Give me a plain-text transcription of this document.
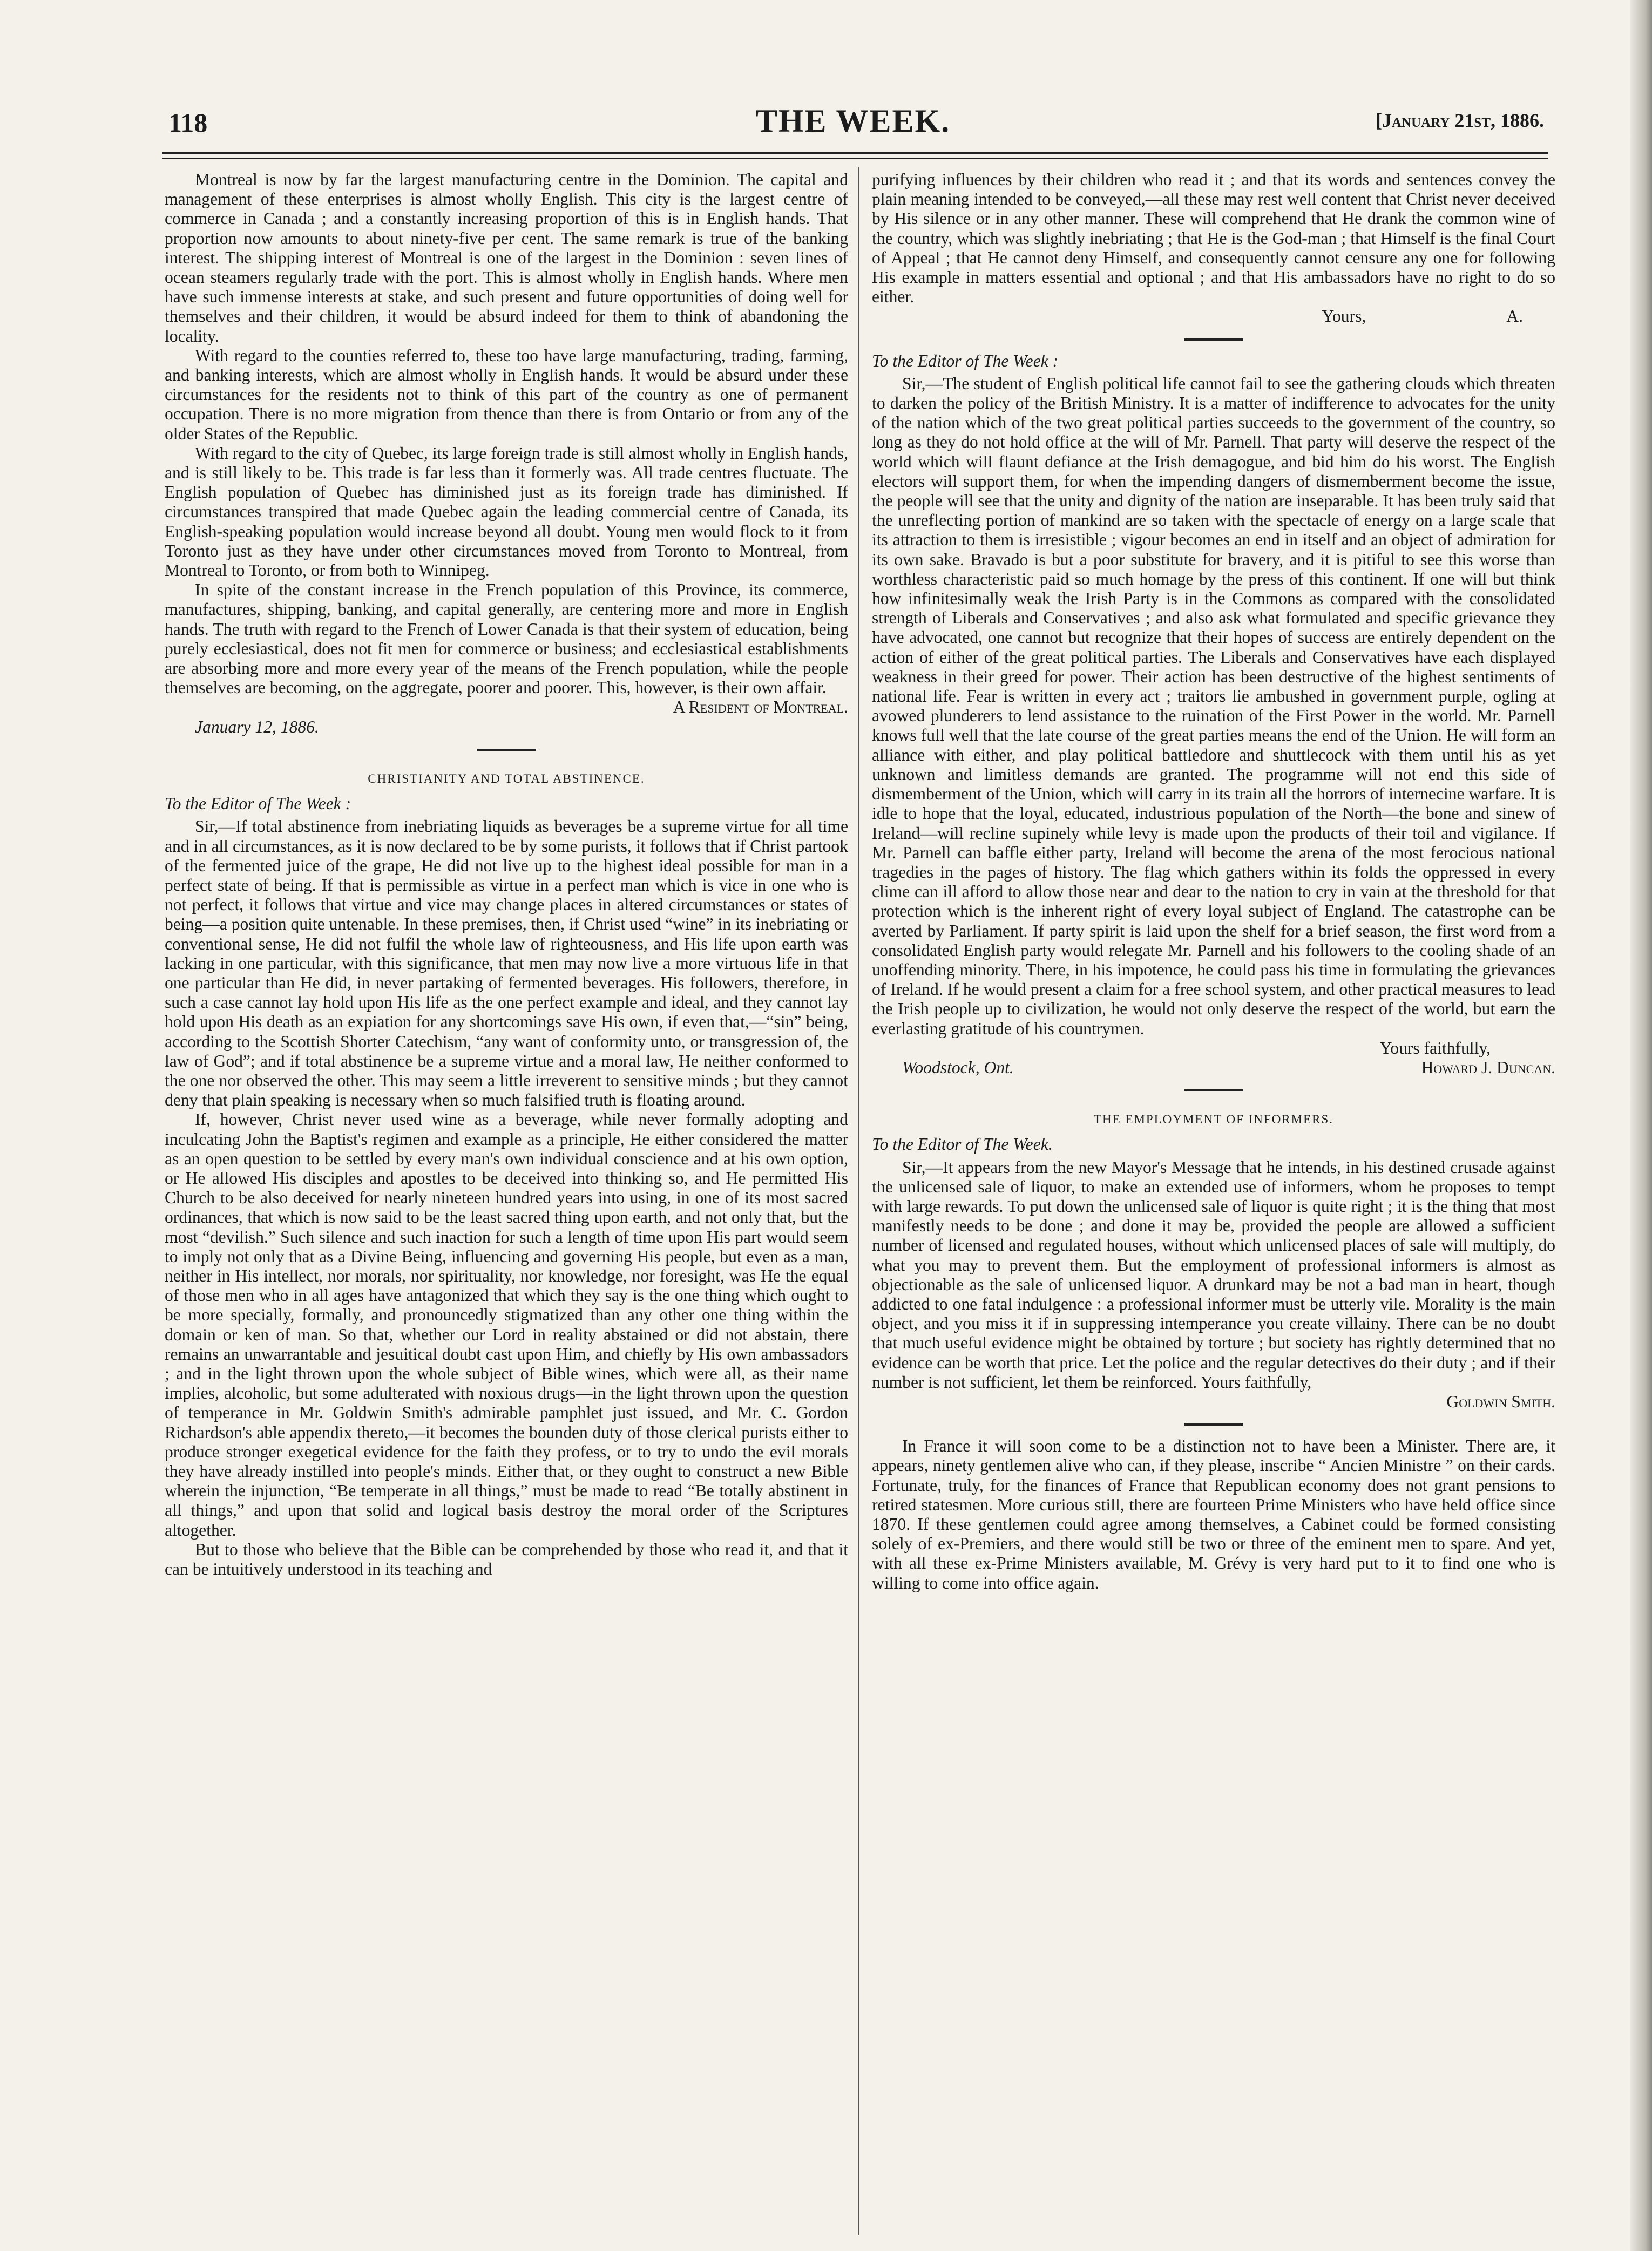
118	THE WEEK.	[January 21st, 1886.

Montreal is now by far the largest manufacturing centre in the Dominion. The capital and management of these enterprises is almost wholly English. This city is the largest centre of commerce in Canada ; and a constantly increasing proportion of this is in English hands. That proportion now amounts to about ninety-five per cent. The same remark is true of the banking interest. The shipping interest of Montreal is one of the largest in the Dominion : seven lines of ocean steamers regularly trade with the port. This is almost wholly in English hands. Where men have such immense interests at stake, and such present and future opportunities of doing well for themselves and their children, it would be absurd indeed for them to think of abandoning the locality.

With regard to the counties referred to, these too have large manufacturing, trading, farming, and banking interests, which are almost wholly in English hands. It would be absurd under these circumstances for the residents not to think of this part of the country as one of permanent occupation. There is no more migration from thence than there is from Ontario or from any of the older States of the Republic.

With regard to the city of Quebec, its large foreign trade is still almost wholly in English hands, and is still likely to be. This trade is far less than it formerly was. All trade centres fluctuate. The English population of Quebec has diminished just as its foreign trade has diminished. If circumstances transpired that made Quebec again the leading commercial centre of Canada, its English-speaking population would increase beyond all doubt. Young men would flock to it from Toronto just as they have under other circumstances moved from Toronto to Montreal, from Montreal to Toronto, or from both to Winnipeg.

In spite of the constant increase in the French population of this Province, its commerce, manufactures, shipping, banking, and capital generally, are centering more and more in English hands. The truth with regard to the French of Lower Canada is that their system of education, being purely ecclesiastical, does not fit men for commerce or business; and ecclesiastical establishments are absorbing more and more every year of the means of the French population, while the people themselves are becoming, on the aggregate, poorer and poorer. This, however, is their own affair.

A Resident of Montreal.
January 12, 1886.
CHRISTIANITY AND TOTAL ABSTINENCE.
To the Editor of The Week :

Sir,—If total abstinence from inebriating liquids as beverages be a supreme virtue for all time and in all circumstances, as it is now declared to be by some purists, it follows that if Christ partook of the fermented juice of the grape, He did not live up to the highest ideal possible for man in a perfect state of being. If that is permissible as virtue in a perfect man which is vice in one who is not perfect, it follows that virtue and vice may change places in altered circumstances or states of being—a position quite untenable. In these premises, then, if Christ used “wine” in its inebriating or conventional sense, He did not fulfil the whole law of righteousness, and His life upon earth was lacking in one particular, with this significance, that men may now live a more virtuous life in that one particular than He did, in never partaking of fermented beverages. His followers, therefore, in such a case cannot lay hold upon His life as the one perfect example and ideal, and they cannot lay hold upon His death as an expiation for any shortcomings save His own, if even that,—“sin” being, according to the Scottish Shorter Catechism, “any want of conformity unto, or transgression of, the law of God”; and if total abstinence be a supreme virtue and a moral law, He neither conformed to the one nor observed the other. This may seem a little irreverent to sensitive minds ; but they cannot deny that plain speaking is necessary when so much falsified truth is floating around.

If, however, Christ never used wine as a beverage, while never formally adopting and inculcating John the Baptist's regimen and example as a principle, He either considered the matter as an open question to be settled by every man's own individual conscience and at his own option, or He allowed His disciples and apostles to be deceived into thinking so, and He permitted His Church to be also deceived for nearly nineteen hundred years into using, in one of its most sacred ordinances, that which is now said to be the least sacred thing upon earth, and not only that, but the most “devilish.” Such silence and such inaction for such a length of time upon His part would seem to imply not only that as a Divine Being, influencing and governing His people, but even as a man, neither in His intellect, nor morals, nor spirituality, nor knowledge, nor foresight, was He the equal of those men who in all ages have antagonized that which they say is the one thing which ought to be more specially, formally, and pronouncedly stigmatized than any other one thing within the domain or ken of man. So that, whether our Lord in reality abstained or did not abstain, there remains an unwarrantable and jesuitical doubt cast upon Him, and chiefly by His own ambassadors ; and in the light thrown upon the whole subject of Bible wines, which were all, as their name implies, alcoholic, but some adulterated with noxious drugs—in the light thrown upon the question of temperance in Mr. Goldwin Smith's admirable pamphlet just issued, and Mr. C. Gordon Richardson's able appendix thereto,—it becomes the bounden duty of those clerical purists either to produce stronger exegetical evidence for the faith they profess, or to try to undo the evil morals they have already instilled into people's minds. Either that, or they ought to construct a new Bible wherein the injunction, “Be temperate in all things,” must be made to read “Be totally abstinent in all things,” and upon that solid and logical basis destroy the moral order of the Scriptures altogether.

But to those who believe that the Bible can be comprehended by those who read it, and that it can be intuitively understood in its teaching and

purifying influences by their children who read it ; and that its words and sentences convey the plain meaning intended to be conveyed,—all these may rest well content that Christ never deceived by His silence or in any other manner. These will comprehend that He drank the common wine of the country, which was slightly inebriating ; that He is the God-man ; that Himself is the final Court of Appeal ; that He cannot deny Himself, and consequently cannot censure any one for following His example in matters essential and optional ; and that His ambassadors have no right to do so either.

Yours,	A.
To the Editor of The Week :

Sir,—The student of English political life cannot fail to see the gathering clouds which threaten to darken the policy of the British Ministry. It is a matter of indifference to advocates for the unity of the nation which of the two great political parties succeeds to the government of the country, so long as they do not hold office at the will of Mr. Parnell. That party will deserve the respect of the world which will flaunt defiance at the Irish demagogue, and bid him do his worst. The English electors will support them, for when the impending dangers of dismemberment become the issue, the people will see that the unity and dignity of the nation are inseparable. It has been truly said that the unreflecting portion of mankind are so taken with the spectacle of energy on a large scale that its attraction to them is irresistible ; vigour becomes an end in itself and an object of admiration for its own sake. Bravado is but a poor substitute for bravery, and it is pitiful to see this worse than worthless characteristic paid so much homage by the press of this continent. If one will but think how infinitesimally weak the Irish Party is in the Commons as compared with the consolidated strength of Liberals and Conservatives ; and also ask what formulated and specific grievance they have advocated, one cannot but recognize that their hopes of success are entirely dependent on the action of either of the great political parties. The Liberals and Conservatives have each displayed weakness in their greed for power. Their action has been destructive of the highest sentiments of national life. Fear is written in every act ; traitors lie ambushed in government purple, ogling at avowed plunderers to lend assistance to the ruination of the First Power in the world. Mr. Parnell knows full well that the late course of the great parties means the end of the Union. He will form an alliance with either, and play political battledore and shuttlecock with them until his as yet unknown and limitless demands are granted. The programme will not end this side of dismemberment of the Union, which will carry in its train all the horrors of internecine warfare. It is idle to hope that the loyal, educated, industrious population of the North—the bone and sinew of Ireland—will recline supinely while levy is made upon the products of their toil and vigilance. If Mr. Parnell can baffle either party, Ireland will become the arena of the most ferocious national tragedies in the pages of history. The flag which gathers within its folds the oppressed in every clime can ill afford to allow those near and dear to the nation to cry in vain at the threshold for that protection which is the inherent right of every loyal subject of England. The catastrophe can be averted by Parliament. If party spirit is laid upon the shelf for a brief season, the first word from a consolidated English party would relegate Mr. Parnell and his followers to the cooling shade of an unoffending minority. There, in his impotence, he could pass his time in formulating the grievances of Ireland. If he would present a claim for a free school system, and other practical measures to lead the Irish people up to civilization, he would not only deserve the respect of the world, but earn the everlasting gratitude of his countrymen.

Yours faithfully,
Woodstock, Ont.	Howard J. Duncan.
THE EMPLOYMENT OF INFORMERS.
To the Editor of The Week.

Sir,—It appears from the new Mayor's Message that he intends, in his destined crusade against the unlicensed sale of liquor, to make an extended use of informers, whom he proposes to tempt with large rewards. To put down the unlicensed sale of liquor is quite right ; it is the thing that most manifestly needs to be done ; and done it may be, provided the people are allowed a sufficient number of licensed and regulated houses, without which unlicensed places of sale will multiply, do what you may to prevent them. But the employment of professional informers is almost as objectionable as the sale of unlicensed liquor. A drunkard may be not a bad man in heart, though addicted to one fatal indulgence : a professional informer must be utterly vile. Morality is the main object, and you miss it if in suppressing intemperance you create villainy. There can be no doubt that much useful evidence might be obtained by torture ; but society has rightly determined that no evidence can be worth that price. Let the police and the regular detectives do their duty ; and if their number is not sufficient, let them be reinforced. Yours faithfully,

Goldwin Smith.

In France it will soon come to be a distinction not to have been a Minister. There are, it appears, ninety gentlemen alive who can, if they please, inscribe “ Ancien Ministre ” on their cards. Fortunate, truly, for the finances of France that Republican economy does not grant pensions to retired statesmen. More curious still, there are fourteen Prime Ministers who have held office since 1870. If these gentlemen could agree among themselves, a Cabinet could be formed consisting solely of ex-Premiers, and there would still be two or three of the eminent men to spare. And yet, with all these ex-Prime Ministers available, M. Grévy is very hard put to it to find one who is willing to come into office again.
